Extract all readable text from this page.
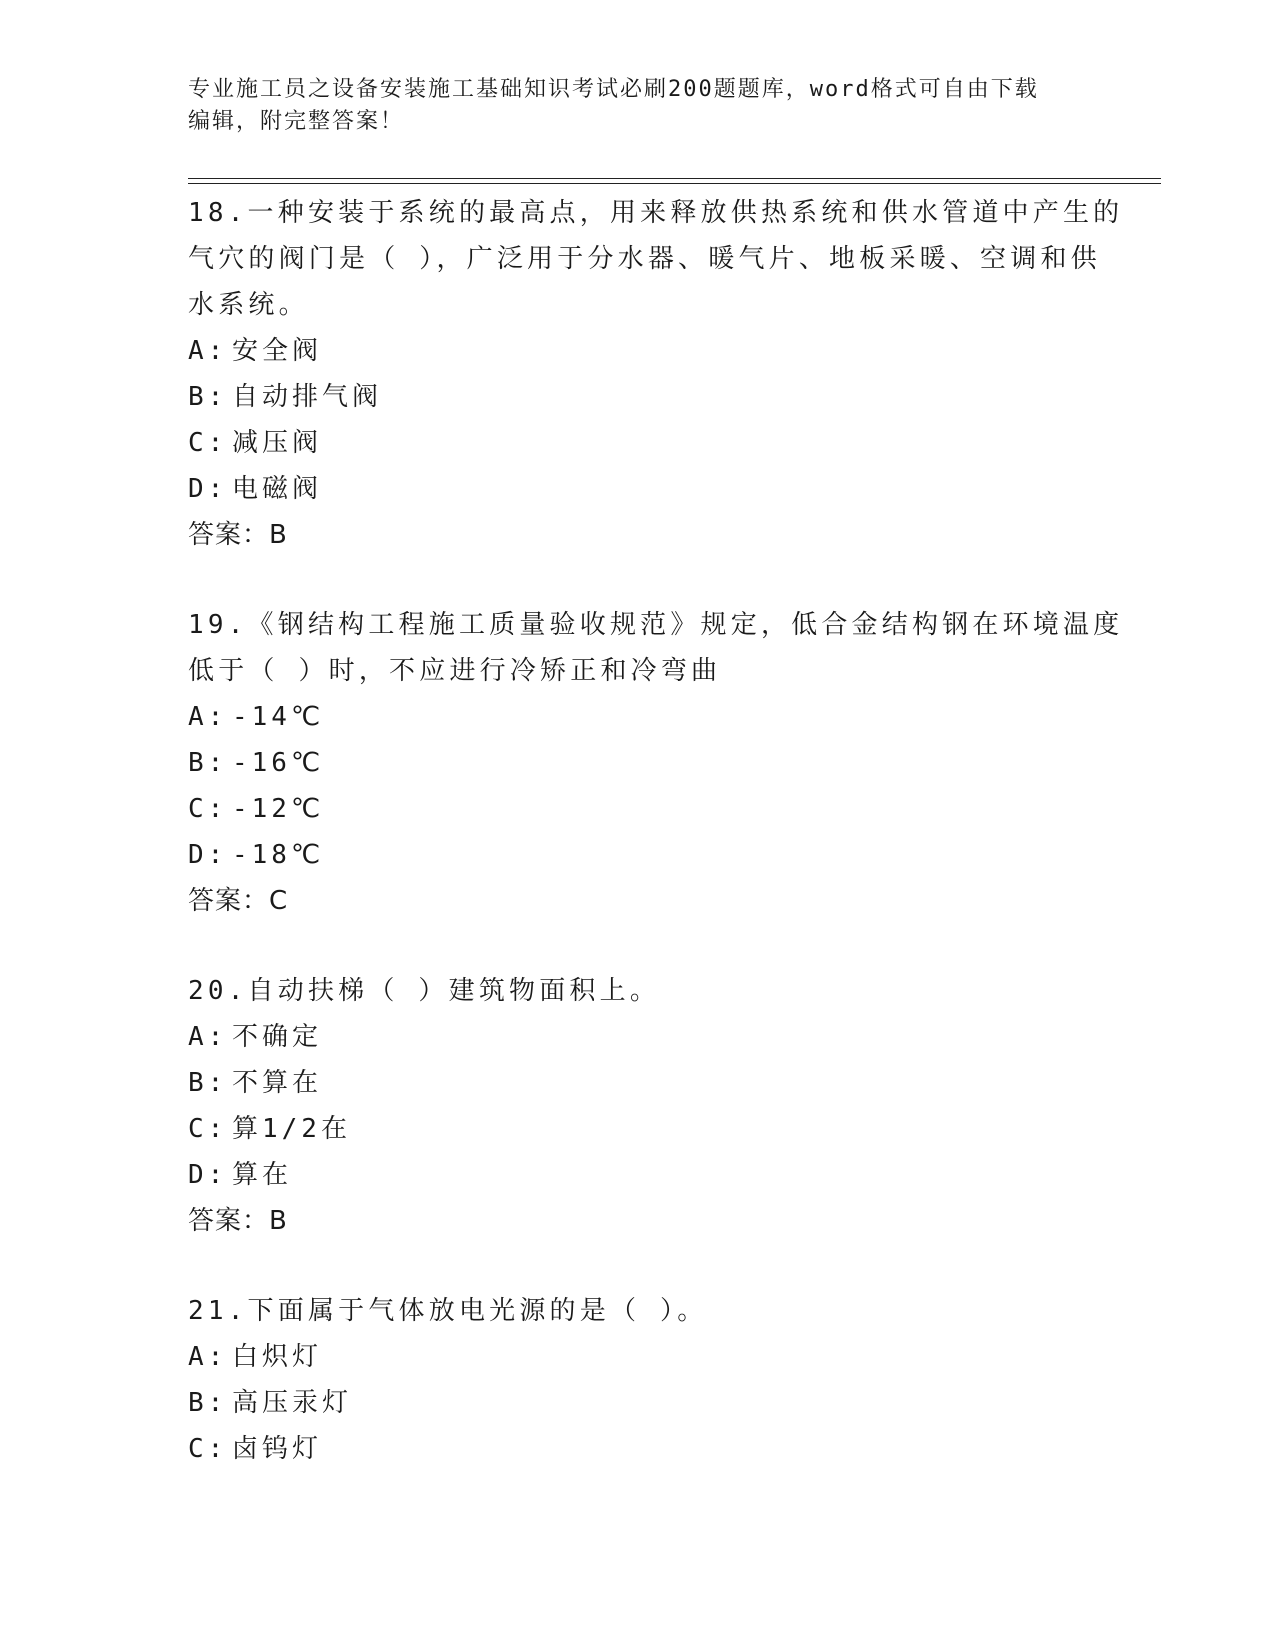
专业施工员之设备安装施工基础知识考试必刷200题题库，word格式可自由下载
编辑，附完整答案！
18.一种安装于系统的最高点，用来释放供热系统和供水管道中产生的
气穴的阀门是（ ），广泛用于分水器、暖气片、地板采暖、空调和供
水系统。
A: 安全阀
B: 自动排气阀
C: 减压阀
D: 电磁阀
答案：B
19.《钢结构工程施工质量验收规范》规定，低合金结构钢在环境温度
低于（ ）时，不应进行冷矫正和冷弯曲
A: -14℃
B: -16℃
C: -12℃
D: -18℃
答案：C
20.自动扶梯（ ）建筑物面积上。
A: 不确定
B: 不算在
C: 算1/2在
D: 算在
答案：B
21.下面属于气体放电光源的是（ ）。
A: 白炽灯
B: 高压汞灯
C: 卤钨灯
